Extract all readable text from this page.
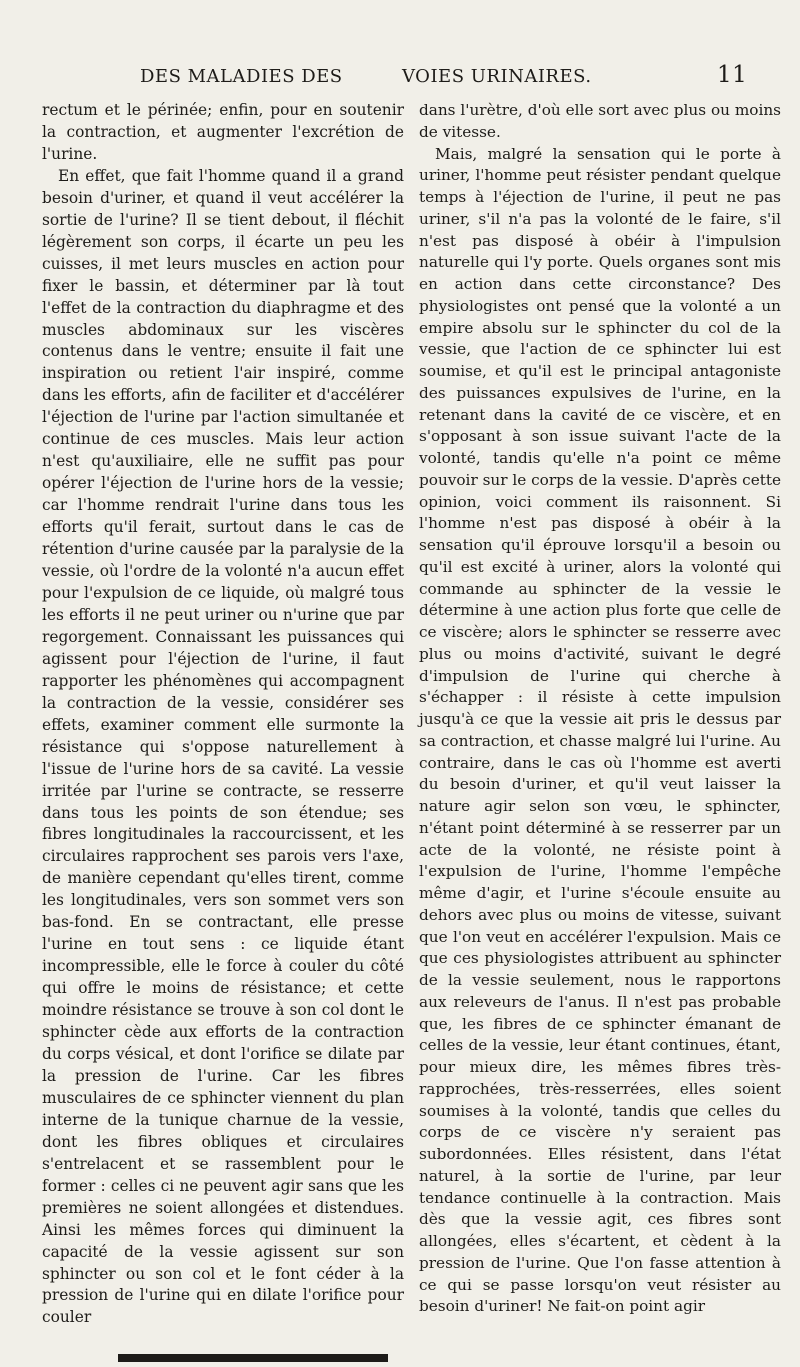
DES MALADIES DES	VOIES URINAIRES.	11

rectum et le périnée; enfin, pour en soutenir la contraction, et augmenter l'excrétion de l'urine.

En effet, que fait l'homme quand il a grand besoin d'uriner, et quand il veut accélérer la sortie de l'urine? Il se tient debout, il fléchit légèrement son corps, il écarte un peu les cuisses, il met leurs muscles en action pour fixer le bassin, et déterminer par là tout l'effet de la contraction du diaphragme et des muscles abdominaux sur les viscères contenus dans le ventre; ensuite il fait une inspiration ou retient l'air inspiré, comme dans les efforts, afin de faciliter et d'accélérer l'éjection de l'urine par l'action simultanée et continue de ces muscles. Mais leur action n'est qu'auxiliaire, elle ne suffit pas pour opérer l'éjection de l'urine hors de la vessie; car l'homme rendrait l'urine dans tous les efforts qu'il ferait, surtout dans le cas de rétention d'urine causée par la paralysie de la vessie, où l'ordre de la volonté n'a aucun effet pour l'expulsion de ce liquide, où malgré tous les efforts il ne peut uriner ou n'urine que par regorgement. Connaissant les puissances qui agissent pour l'éjection de l'urine, il faut rapporter les phénomènes qui accompagnent la contraction de la vessie, considérer ses effets, examiner comment elle surmonte la résistance qui s'oppose naturellement à l'issue de l'urine hors de sa cavité. La vessie irritée par l'urine se contracte, se resserre dans tous les points de son étendue; ses fibres longitudinales la raccourcissent, et les circulaires rapprochent ses parois vers l'axe, de manière cependant qu'elles tirent, comme les longitudinales, vers son sommet vers son bas-fond. En se contractant, elle presse l'urine en tout sens : ce liquide étant incompressible, elle le force à couler du côté qui offre le moins de résistance; et cette moindre résistance se trouve à son col dont le sphincter cède aux efforts de la contraction du corps vésical, et dont l'orifice se dilate par la pression de l'urine. Car les fibres musculaires de ce sphincter viennent du plan interne de la tunique charnue de la vessie, dont les fibres obliques et circulaires s'entrelacent et se rassemblent pour le former : celles ci ne peuvent agir sans que les premières ne soient allongées et distendues. Ainsi les mêmes forces qui diminuent la capacité de la vessie agissent sur son sphincter ou son col et le font céder à la pression de l'urine qui en dilate l'orifice pour couler

dans l'urètre, d'où elle sort avec plus ou moins de vitesse.

Mais, malgré la sensation qui le porte à uriner, l'homme peut résister pendant quelque temps à l'éjection de l'urine, il peut ne pas uriner, s'il n'a pas la volonté de le faire, s'il n'est pas disposé à obéir à l'impulsion naturelle qui l'y porte. Quels organes sont mis en action dans cette circonstance? Des physiologistes ont pensé que la volonté a un empire absolu sur le sphincter du col de la vessie, que l'action de ce sphincter lui est soumise, et qu'il est le principal antagoniste des puissances expulsives de l'urine, en la retenant dans la cavité de ce viscère, et en s'opposant à son issue suivant l'acte de la volonté, tandis qu'elle n'a point ce même pouvoir sur le corps de la vessie. D'après cette opinion, voici comment ils raisonnent. Si l'homme n'est pas disposé à obéir à la sensation qu'il éprouve lorsqu'il a besoin ou qu'il est excité à uriner, alors la volonté qui commande au sphincter de la vessie le détermine à une action plus forte que celle de ce viscère; alors le sphincter se resserre avec plus ou moins d'activité, suivant le degré d'impulsion de l'urine qui cherche à s'échapper : il résiste à cette impulsion jusqu'à ce que la vessie ait pris le dessus par sa contraction, et chasse malgré lui l'urine. Au contraire, dans le cas où l'homme est averti du besoin d'uriner, et qu'il veut laisser la nature agir selon son vœu, le sphincter, n'étant point déterminé à se resserrer par un acte de la volonté, ne résiste point à l'expulsion de l'urine, l'homme l'empêche même d'agir, et l'urine s'écoule ensuite au dehors avec plus ou moins de vitesse, suivant que l'on veut en accélérer l'expulsion. Mais ce que ces physiologistes attribuent au sphincter de la vessie seulement, nous le rapportons aux releveurs de l'anus. Il n'est pas probable que, les fibres de ce sphincter émanant de celles de la vessie, leur étant continues, étant, pour mieux dire, les mêmes fibres très-rapprochées, très-resserrées, elles soient soumises à la volonté, tandis que celles du corps de ce viscère n'y seraient pas subordonnées. Elles résistent, dans l'état naturel, à la sortie de l'urine, par leur tendance continuelle à la contraction. Mais dès que la vessie agit, ces fibres sont allongées, elles s'écartent, et cèdent à la pression de l'urine. Que l'on fasse attention à ce qui se passe lorsqu'on veut résister au besoin d'uriner! Ne fait-on point agir
